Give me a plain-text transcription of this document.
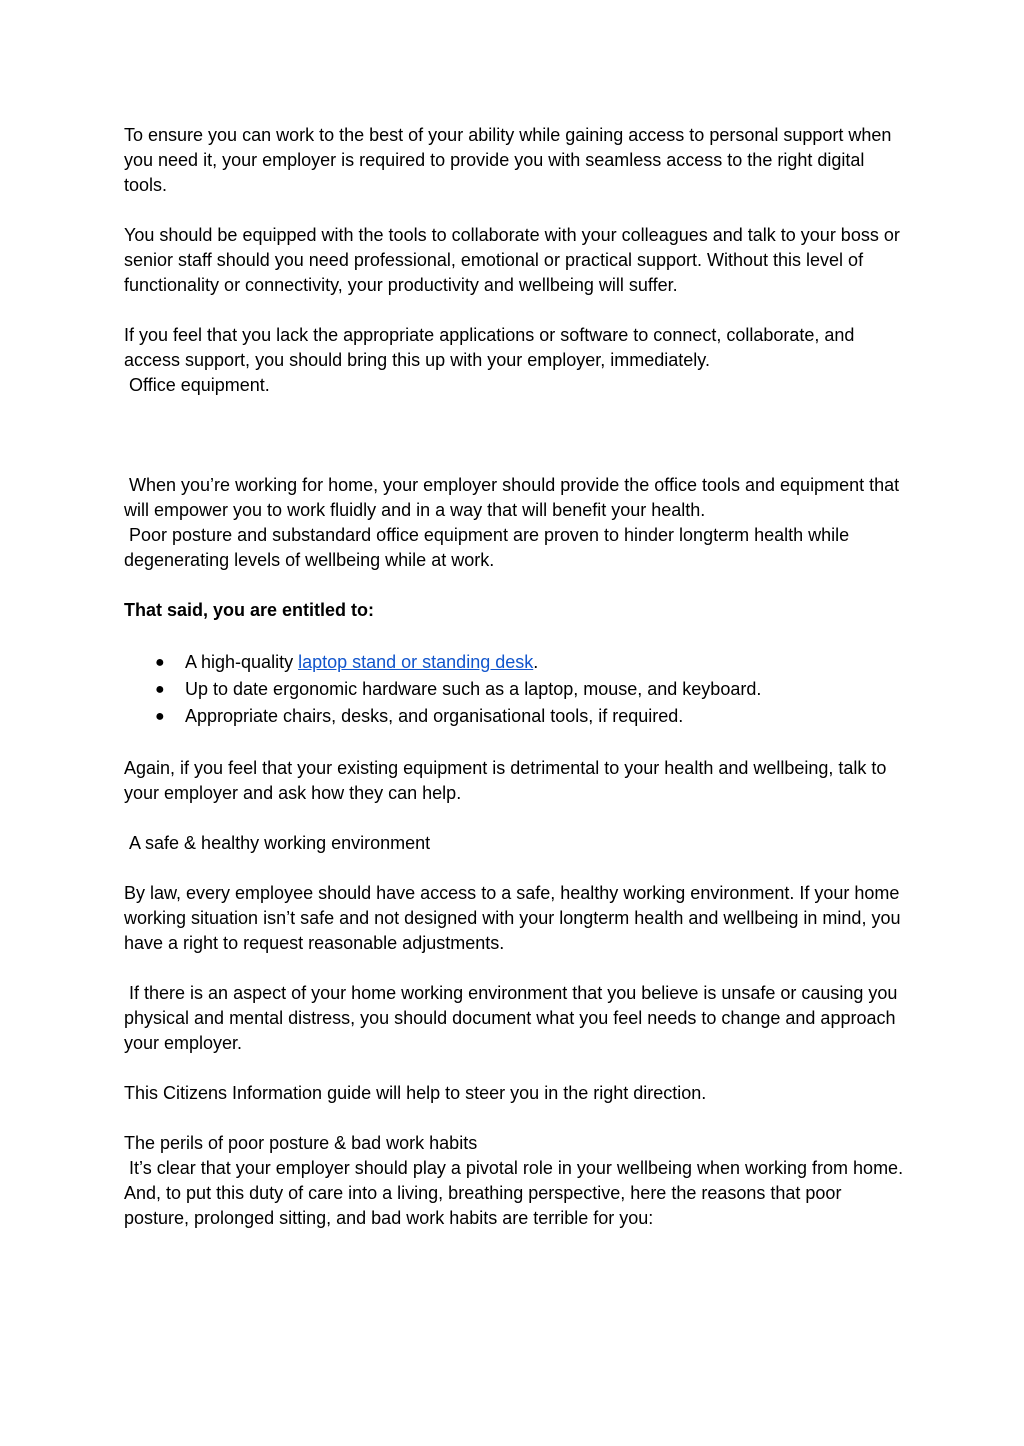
To ensure you can work to the best of your ability while gaining access to personal support when you need it, your employer is required to provide you with seamless access to the right digital tools.

You should be equipped with the tools to collaborate with your colleagues and talk to your boss or senior staff should you need professional, emotional or practical support. Without this level of functionality or connectivity, your productivity and wellbeing will suffer.

If you feel that you lack the appropriate applications or software to connect, collaborate, and access support, you should bring this up with your employer, immediately.

Office equipment.

When you’re working for home, your employer should provide the office tools and equipment that will empower you to work fluidly and in a way that will benefit your health.

Poor posture and substandard office equipment are proven to hinder longterm health while degenerating levels of wellbeing while at work.

That said, you are entitled to:

● A high-quality laptop stand or standing desk.
● Up to date ergonomic hardware such as a laptop, mouse, and keyboard.
● Appropriate chairs, desks, and organisational tools, if required.

Again, if you feel that your existing equipment is detrimental to your health and wellbeing, talk to your employer and ask how they can help.

A safe & healthy working environment

By law, every employee should have access to a safe, healthy working environment. If your home working situation isn’t safe and not designed with your longterm health and wellbeing in mind, you have a right to request reasonable adjustments.

If there is an aspect of your home working environment that you believe is unsafe or causing you physical and mental distress, you should document what you feel needs to change and approach your employer.

This Citizens Information guide will help to steer you in the right direction.

The perils of poor posture & bad work habits

It’s clear that your employer should play a pivotal role in your wellbeing when working from home. And, to put this duty of care into a living, breathing perspective, here the reasons that poor posture, prolonged sitting, and bad work habits are terrible for you:
